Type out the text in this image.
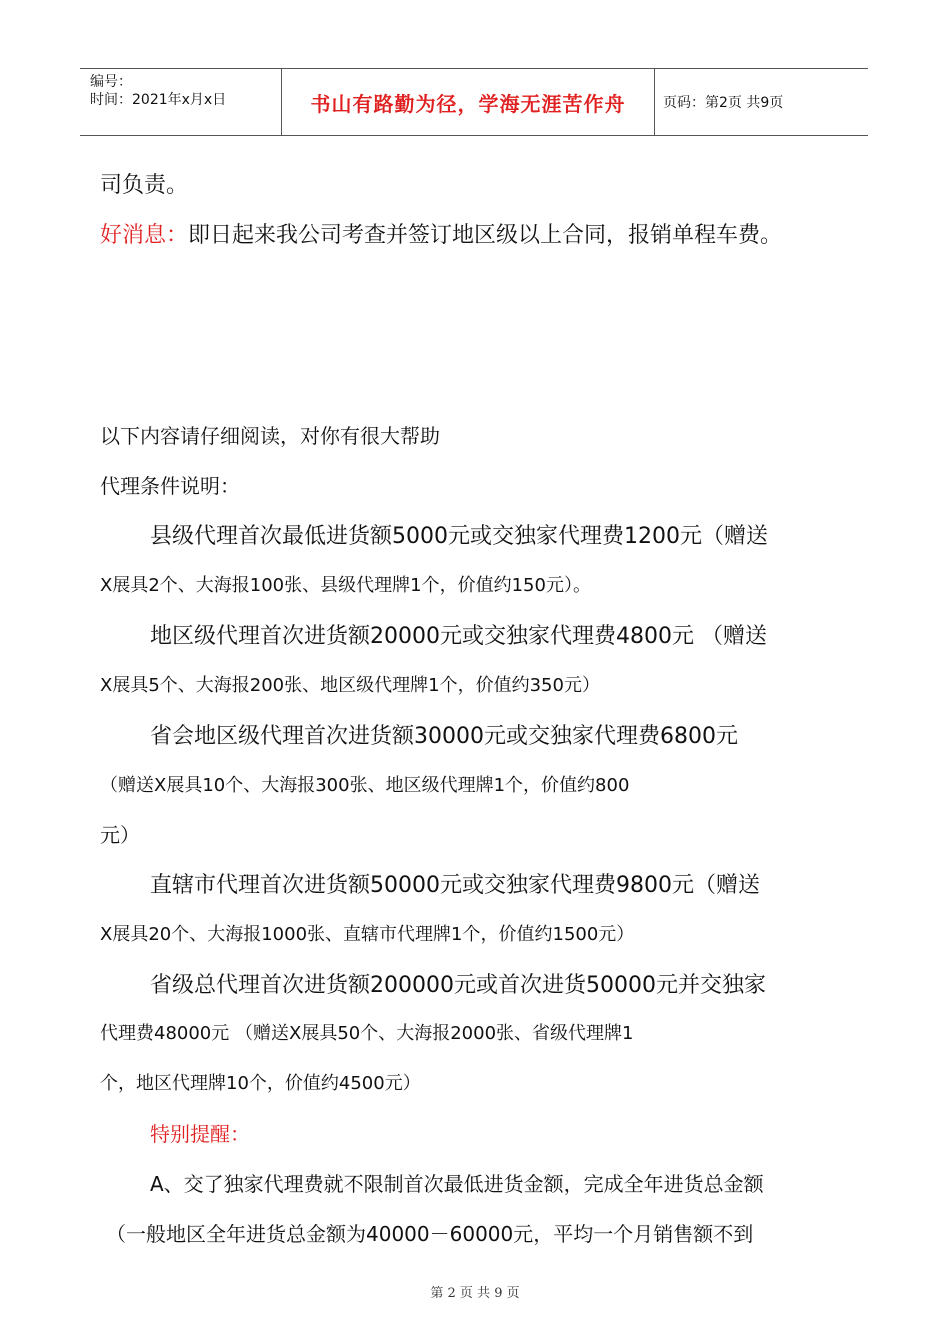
编号：
时间：2021年x月x日	书山有路勤为径，学海无涯苦作舟	页码：第2页 共9页
司负责。
好消息：即日起来我公司考查并签订地区级以上合同，报销单程车费。
以下内容请仔细阅读，对你有很大帮助
代理条件说明：
县级代理首次最低进货额5000元或交独家代理费1200元（赠送
X展具2个、大海报100张、县级代理牌1个，价值约150元）。
地区级代理首次进货额20000元或交独家代理费4800元 （赠送
X展具5个、大海报200张、地区级代理牌1个，价值约350元）
省会地区级代理首次进货额30000元或交独家代理费6800元
（赠送X展具10个、大海报300张、地区级代理牌1个，价值约800
元）
直辖市代理首次进货额50000元或交独家代理费9800元（赠送
X展具20个、大海报1000张、直辖市代理牌1个，价值约1500元）
省级总代理首次进货额200000元或首次进货50000元并交独家
代理费48000元 （赠送X展具50个、大海报2000张、省级代理牌1
个，地区代理牌10个，价值约4500元）
特别提醒：
A、交了独家代理费就不限制首次最低进货金额，完成全年进货总金额
（一般地区全年进货总金额为40000－60000元，平均一个月销售额不到
第 2 页 共 9 页
